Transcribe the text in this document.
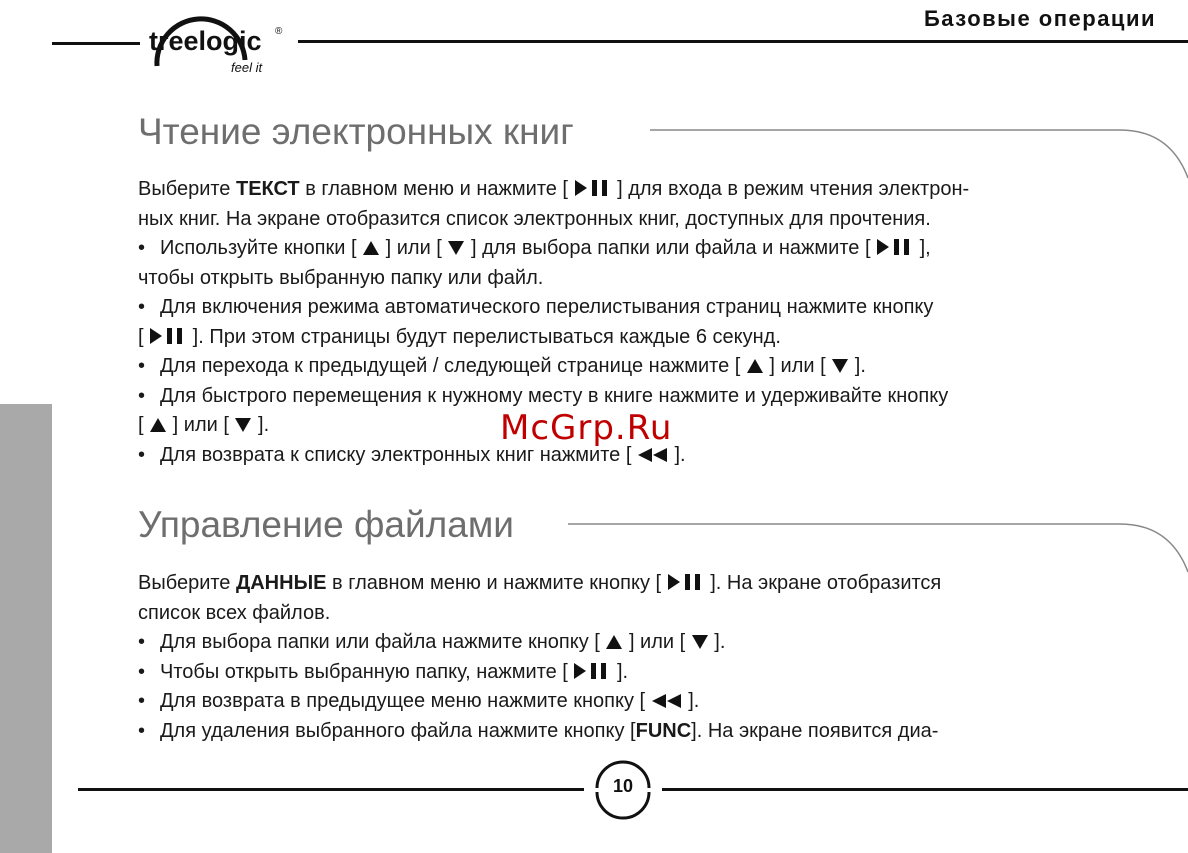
treelogic ®
feel it
Базовые операции
Чтение электронных книг
Выберите ТЕКСТ в главном меню и нажмите [  ] для входа в режим чтения электрон-
ных книг. На экране отобразится список электронных книг, доступных для прочтения.
• Используйте кнопки [  ] или [  ] для выбора папки или файла и нажмите [  ],
чтобы открыть выбранную папку или файл.
• Для включения режима автоматического перелистывания страниц нажмите кнопку
[  ]. При этом страницы будут перелистываться каждые 6 секунд.
• Для перехода к предыдущей / следующей странице нажмите [  ] или [  ].
• Для быстрого перемещения к нужному месту в книге нажмите и удерживайте кнопку
[  ] или [  ].
• Для возврата к списку электронных книг нажмите [  ].
Управление файлами
Выберите ДАННЫЕ в главном меню и нажмите кнопку [  ]. На экране отобразится
список всех файлов.
• Для выбора папки или файла нажмите кнопку [  ] или [  ].
• Чтобы открыть выбранную папку, нажмите [  ].
• Для возврата в предыдущее меню нажмите кнопку [  ].
• Для удаления выбранного файла нажмите кнопку [FUNC]. На экране появится диа-
McGrp.Ru
10
